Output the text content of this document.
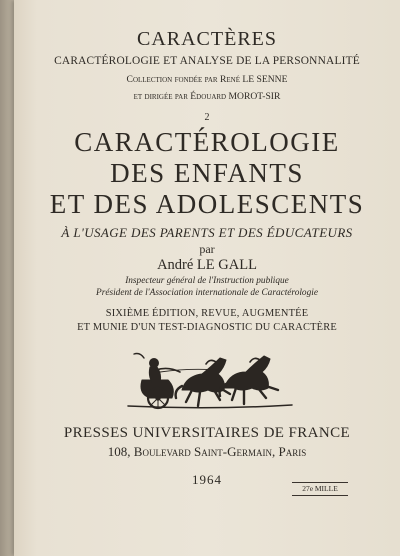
CARACTÈRES
CARACTÉROLOGIE ET ANALYSE DE LA PERSONNALITÉ
Collection fondée par René LE SENNE
et dirigée par Édouard MOROT-SIR
2
CARACTÉROLOGIE
DES ENFANTS
ET DES ADOLESCENTS
À L'USAGE DES PARENTS ET DES ÉDUCATEURS
par
André LE GALL
Inspecteur général de l'Instruction publique
Président de l'Association internationale de Caractérologie
SIXIÈME ÉDITION, REVUE, AUGMENTÉE
ET MUNIE D'UN TEST-DIAGNOSTIC DU CARACTÈRE
PRESSES UNIVERSITAIRES DE FRANCE
108, Boulevard Saint-Germain, Paris
1964
27e MILLE
